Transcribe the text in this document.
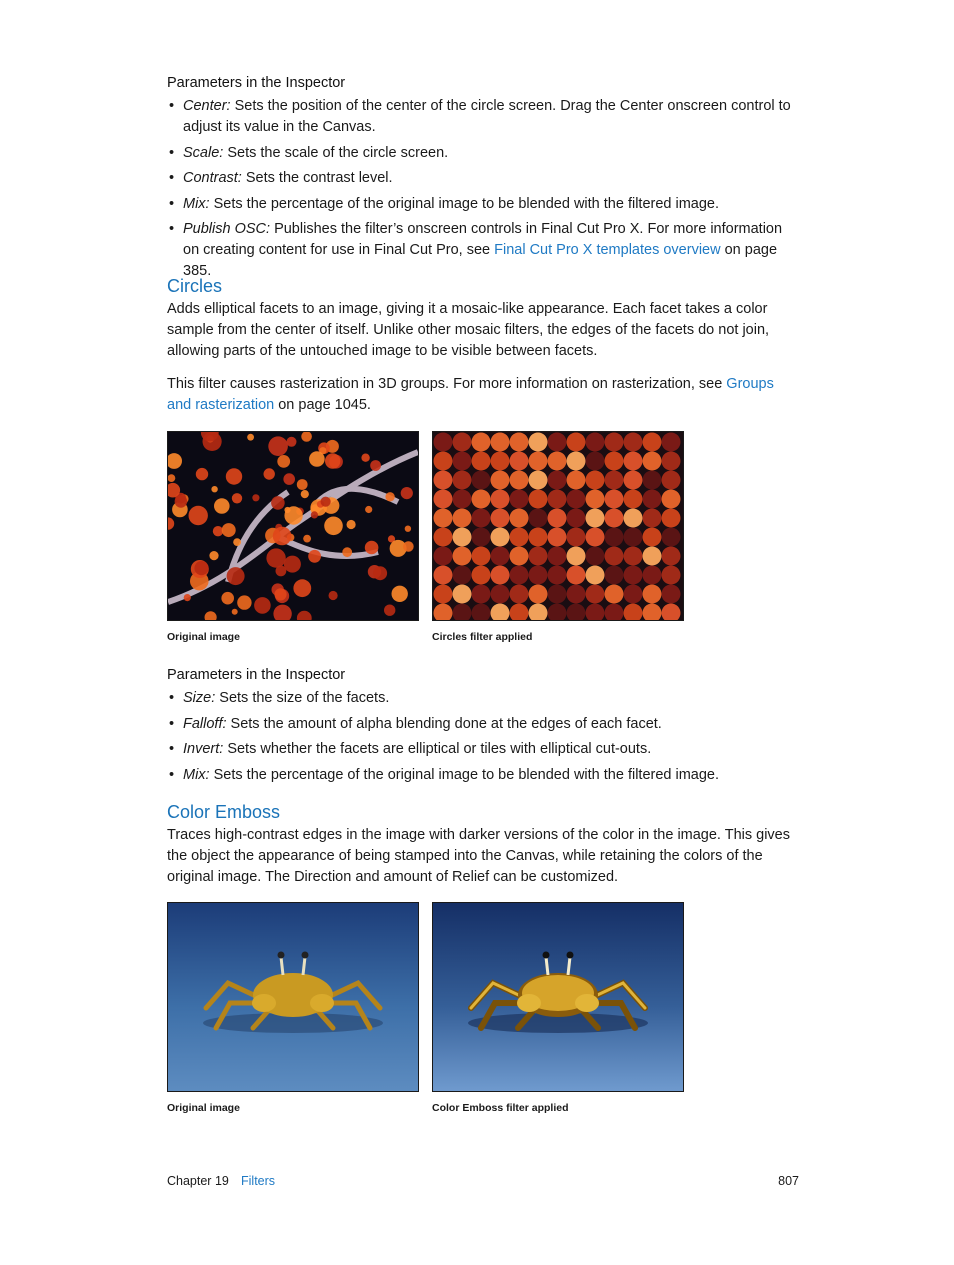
Parameters in the Inspector
• Center: Sets the position of the center of the circle screen. Drag the Center onscreen control to adjust its value in the Canvas.
• Scale: Sets the scale of the circle screen.
• Contrast: Sets the contrast level.
• Mix: Sets the percentage of the original image to be blended with the filtered image.
• Publish OSC: Publishes the filter’s onscreen controls in Final Cut Pro X. For more information on creating content for use in Final Cut Pro, see Final Cut Pro X templates overview on page 385.
Circles

Adds elliptical facets to an image, giving it a mosaic-like appearance. Each facet takes a color sample from the center of itself. Unlike other mosaic filters, the edges of the facets do not join, allowing parts of the untouched image to be visible between facets.

This filter causes rasterization in 3D groups. For more information on rasterization, see Groups and rasterization on page 1045.

Original image	Circles filter applied
Parameters in the Inspector
• Size: Sets the size of the facets.
• Falloff: Sets the amount of alpha blending done at the edges of each facet.
• Invert: Sets whether the facets are elliptical or tiles with elliptical cut-outs.
• Mix: Sets the percentage of the original image to be blended with the filtered image.
Color Emboss

Traces high-contrast edges in the image with darker versions of the color in the image. This gives the object the appearance of being stamped into the Canvas, while retaining the colors of the original image. The Direction and amount of Relief can be customized.

Original image	Color Emboss filter applied
Chapter 19 Filters	807
